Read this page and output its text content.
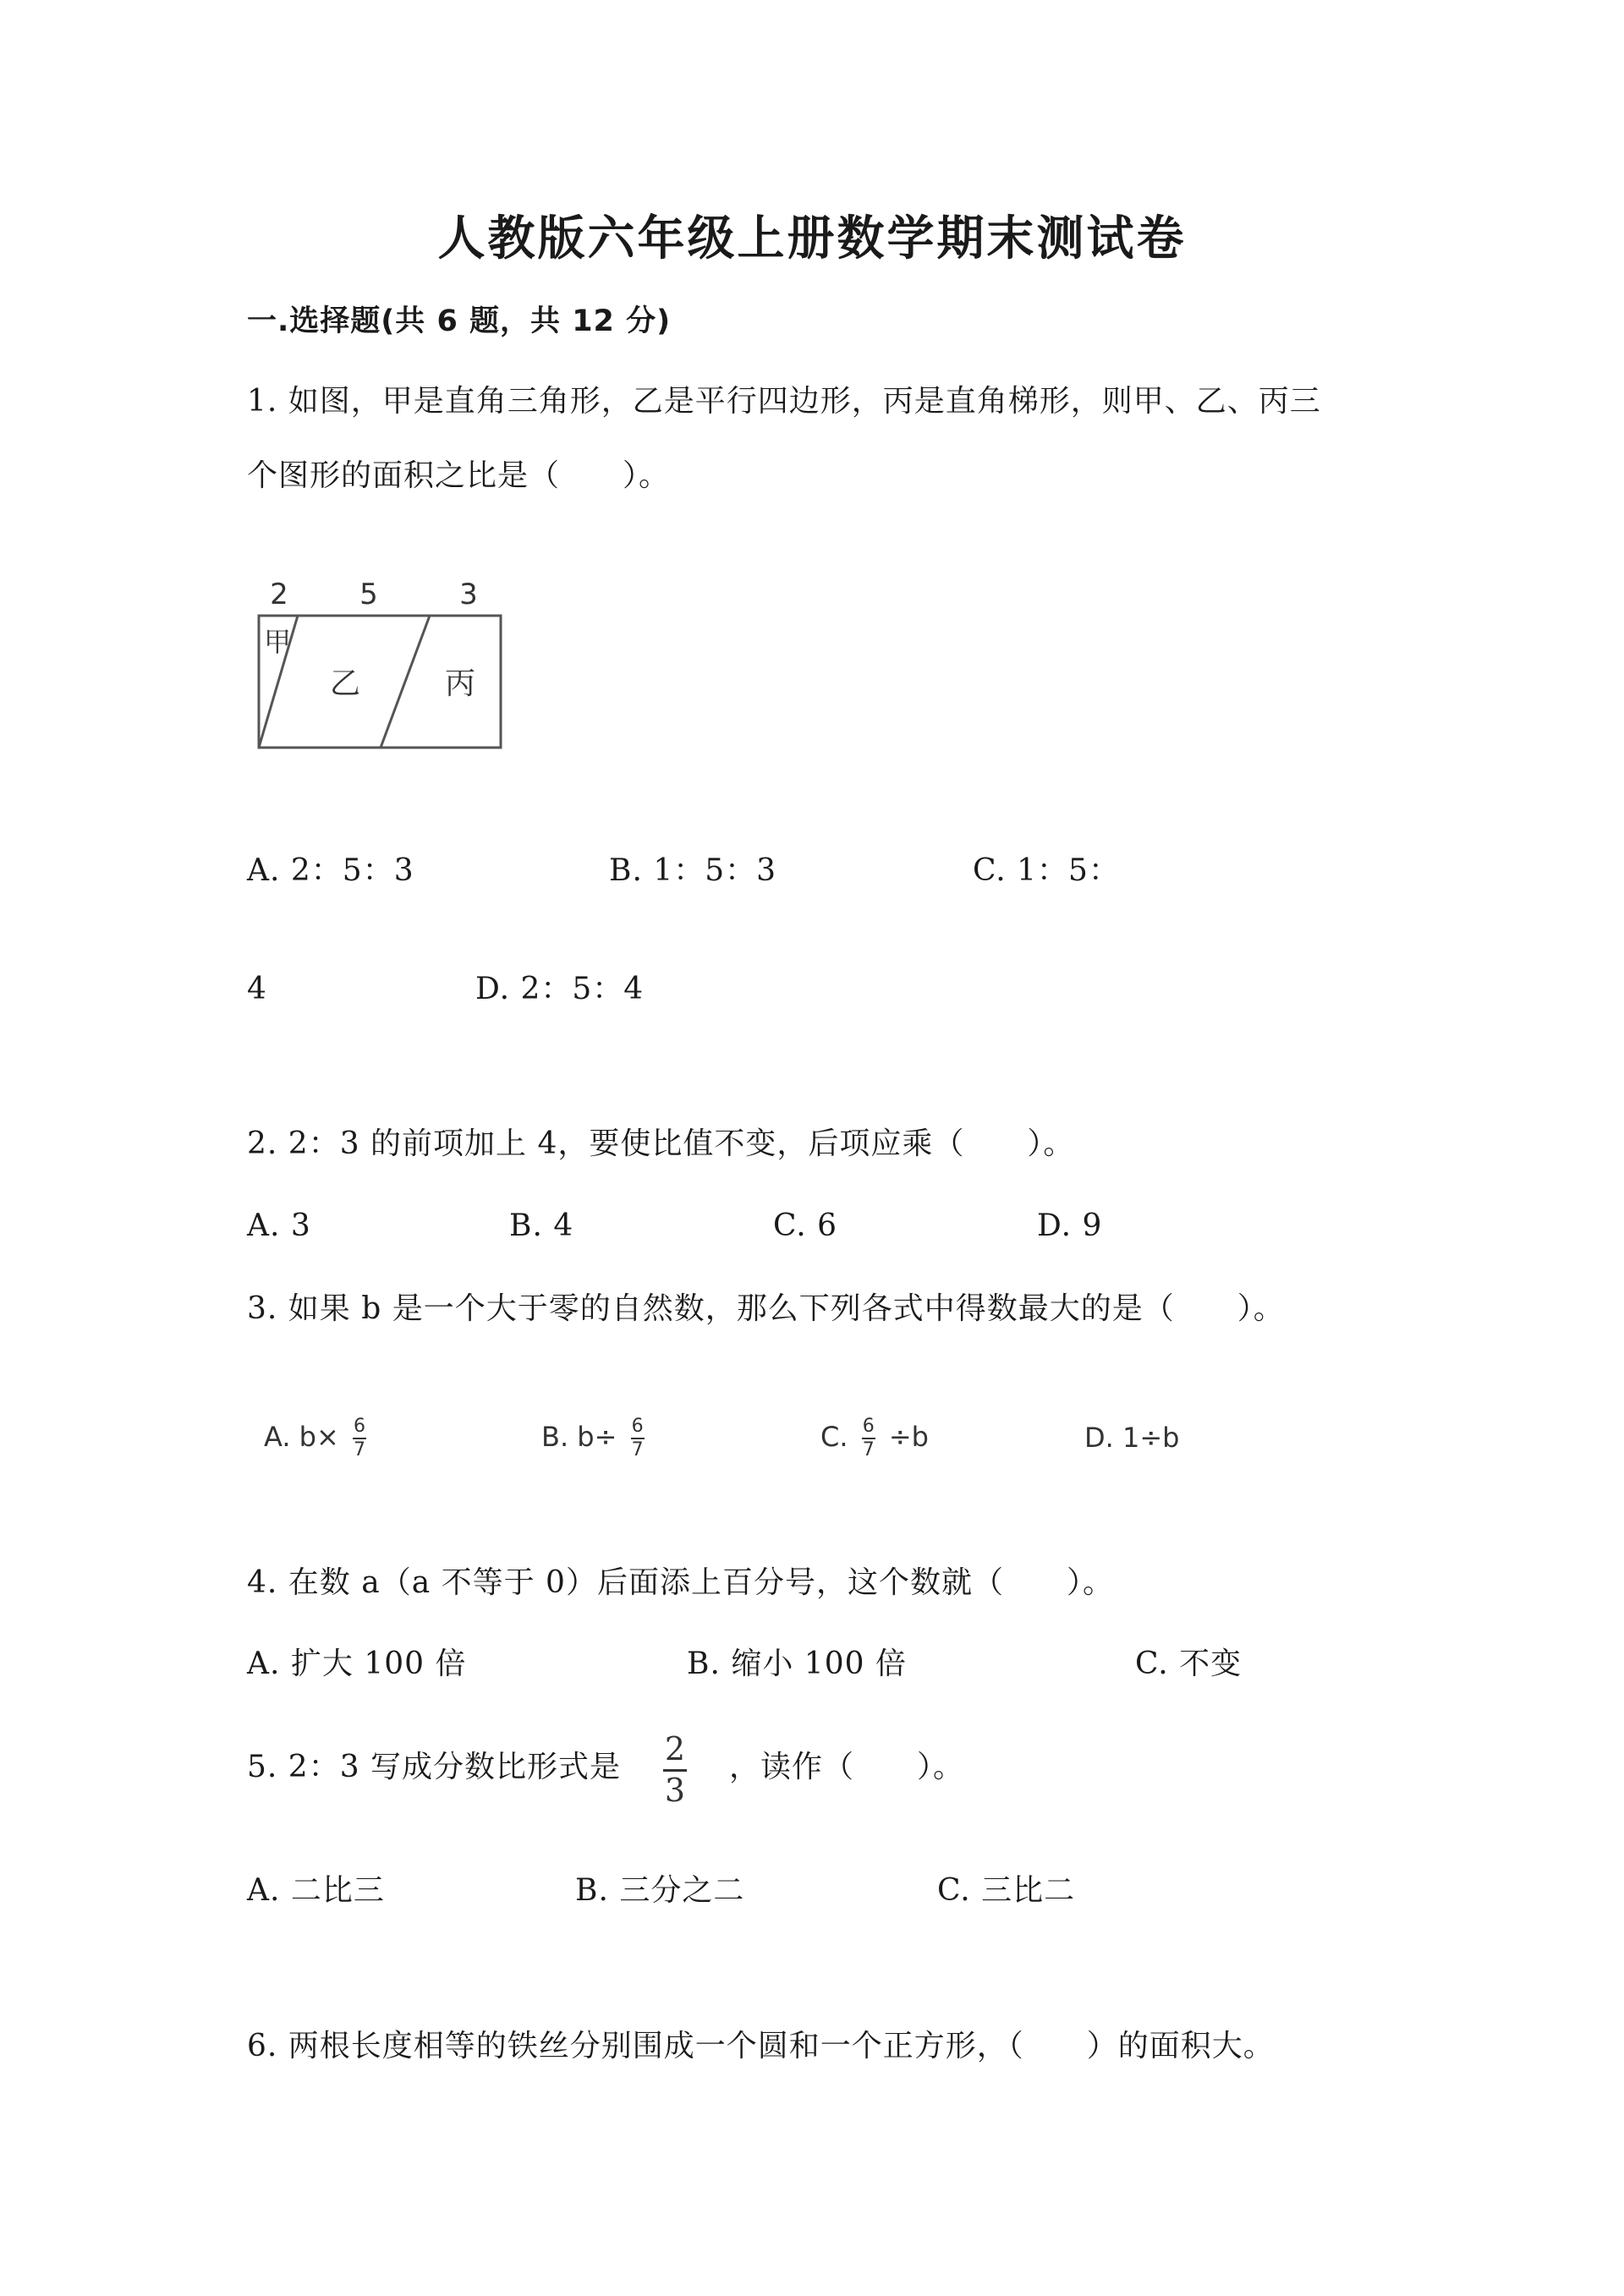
人教版六年级上册数学期末测试卷
一.选择题(共 6 题，共 12 分)
1. 如图，甲是直角三角形，乙是平行四边形，丙是直角梯形，则甲、乙、丙三
个图形的面积之比是（　　）。
2 5	3
甲
乙	丙
A. 2：5：3	B. 1：5：3	C. 1：5：
4	D. 2：5：4
2. 2：3 的前项加上 4，要使比值不变，后项应乘（　　）。
A. 3	B. 4	C. 6	D. 9
3. 如果 b 是一个大于零的自然数，那么下列各式中得数最大的是（　　）。
A. $b\times \frac{6}{7}$	B. $b\div \frac{6}{7}$	C. $\frac{6}{7} \div b$	D. 1÷b
4. 在数 a（a 不等于 0）后面添上百分号，这个数就（　　）。
A. 扩大 100 倍	B. 缩小 100 倍	C. 不变
5. 2：3 写成分数比形式是 2
3
，读作（　　）。
A. 二比三	B. 三分之二	C. 三比二
6. 两根长度相等的铁丝分别围成一个圆和一个正方形，（　　）的面积大。
